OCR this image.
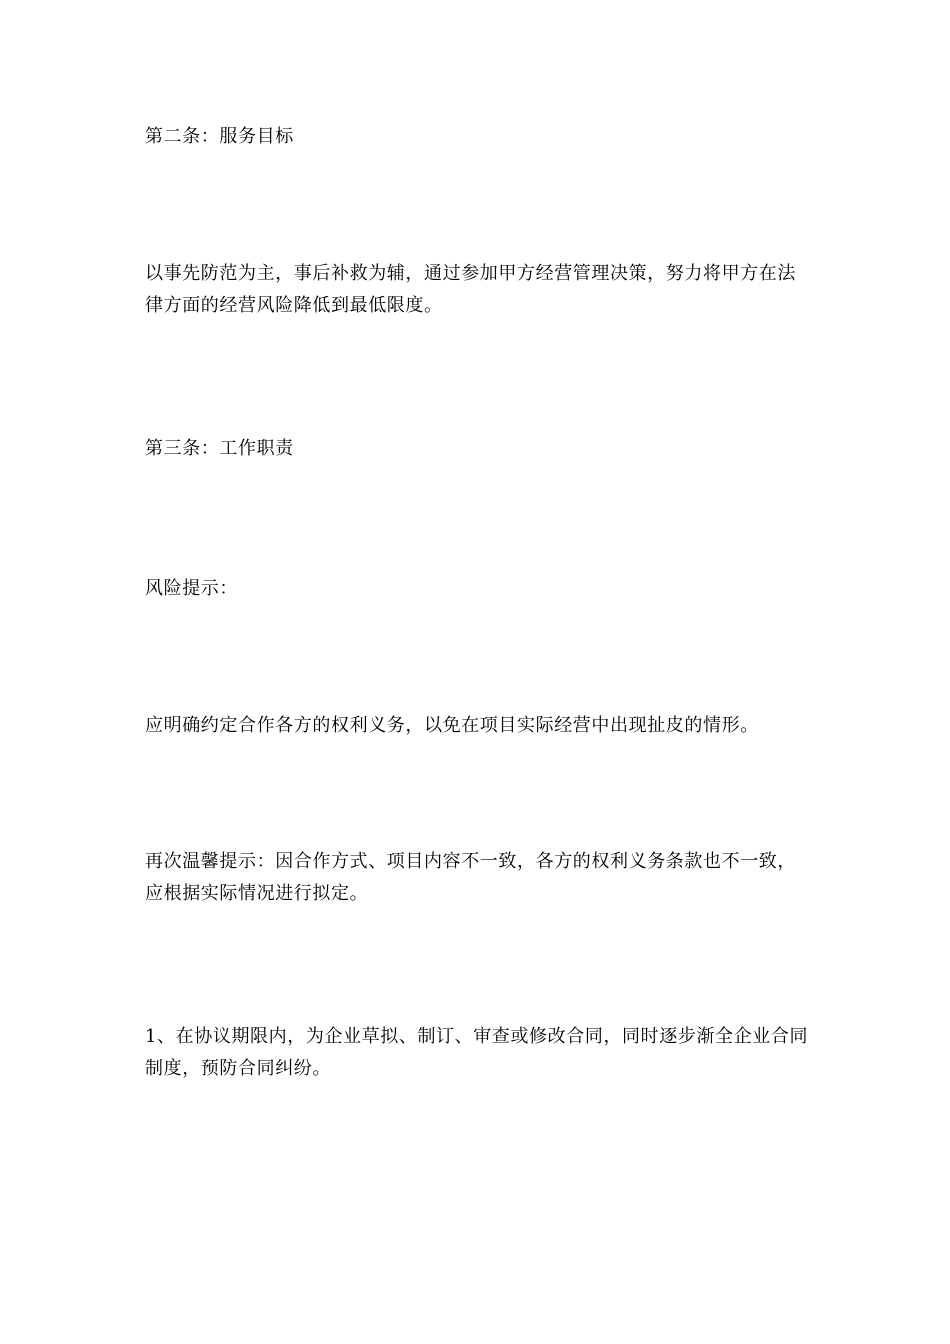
第二条：服务目标

以事先防范为主，事后补救为辅，通过参加甲方经营管理决策，努力将甲方在法律方面的经营风险降低到最低限度。

第三条：工作职责

风险提示：

应明确约定合作各方的权利义务，以免在项目实际经营中出现扯皮的情形。

再次温馨提示：因合作方式、项目内容不一致，各方的权利义务条款也不一致，应根据实际情况进行拟定。

1、在协议期限内，为企业草拟、制订、审查或修改合同，同时逐步渐全企业合同制度，预防合同纠纷。
